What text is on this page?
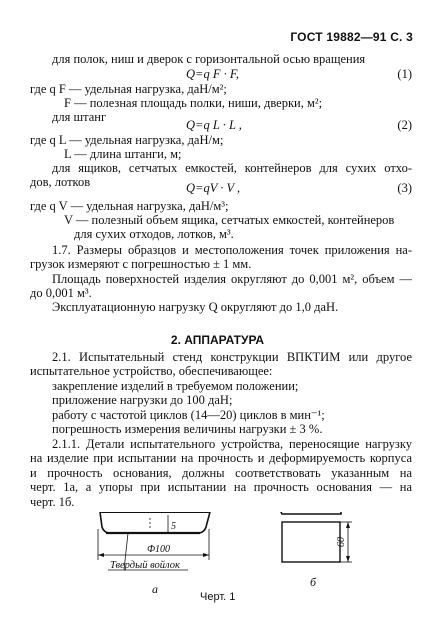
ГОСТ 19882—91 С. 3
для полок, ниш и дверок с горизонтальной осью вращения
Q=q F · F,	(1)
где q F — удельная нагрузка, даН/м²;
F — полезная площадь полки, ниши, дверки, м²;
для штанг
Q=q L · L ,	(2)
где q L — удельная нагрузка, даН/м;
L — длина штанги, м;
для ящиков, сетчатых емкостей, контейнеров для сухих отхо-
дов, лотков	Q=qV · V ,	(3)
где q V — удельная нагрузка, даН/м³;
V — полезный объем ящика, сетчатых емкостей, контейнеров
для сухих отходов, лотков, м³.
1.7. Размеры образцов и местоположения точек приложения на-
грузок измеряют с погрешностью ± 1 мм.
Площадь поверхностей изделия округляют до 0,001 м², объем —
до 0,001 м³.
Эксплуатационную нагрузку Q округляют до 1,0 даН.
2. АППАРАТУРА
2.1. Испытательный стенд конструкции ВПКТИМ или другое
испытательное устройство, обеспечивающее:
закрепление изделий в требуемом положении;
приложение нагрузки до 100 даН;
работу с частотой циклов (14—20) циклов в мин⁻¹;
погрешность измерения величины нагрузки ± 3 %.
2.1.1. Детали испытательного устройства, переносящие нагрузку
на изделие при испытании на прочность и деформируемость корпуса
и прочность основания, должны соответствовать указанным на
черт. 1а, а упоры при испытании на прочность основания — на
черт. 1б.
5
Ф100
Твердый войлок
а
60
б
Черт. 1
